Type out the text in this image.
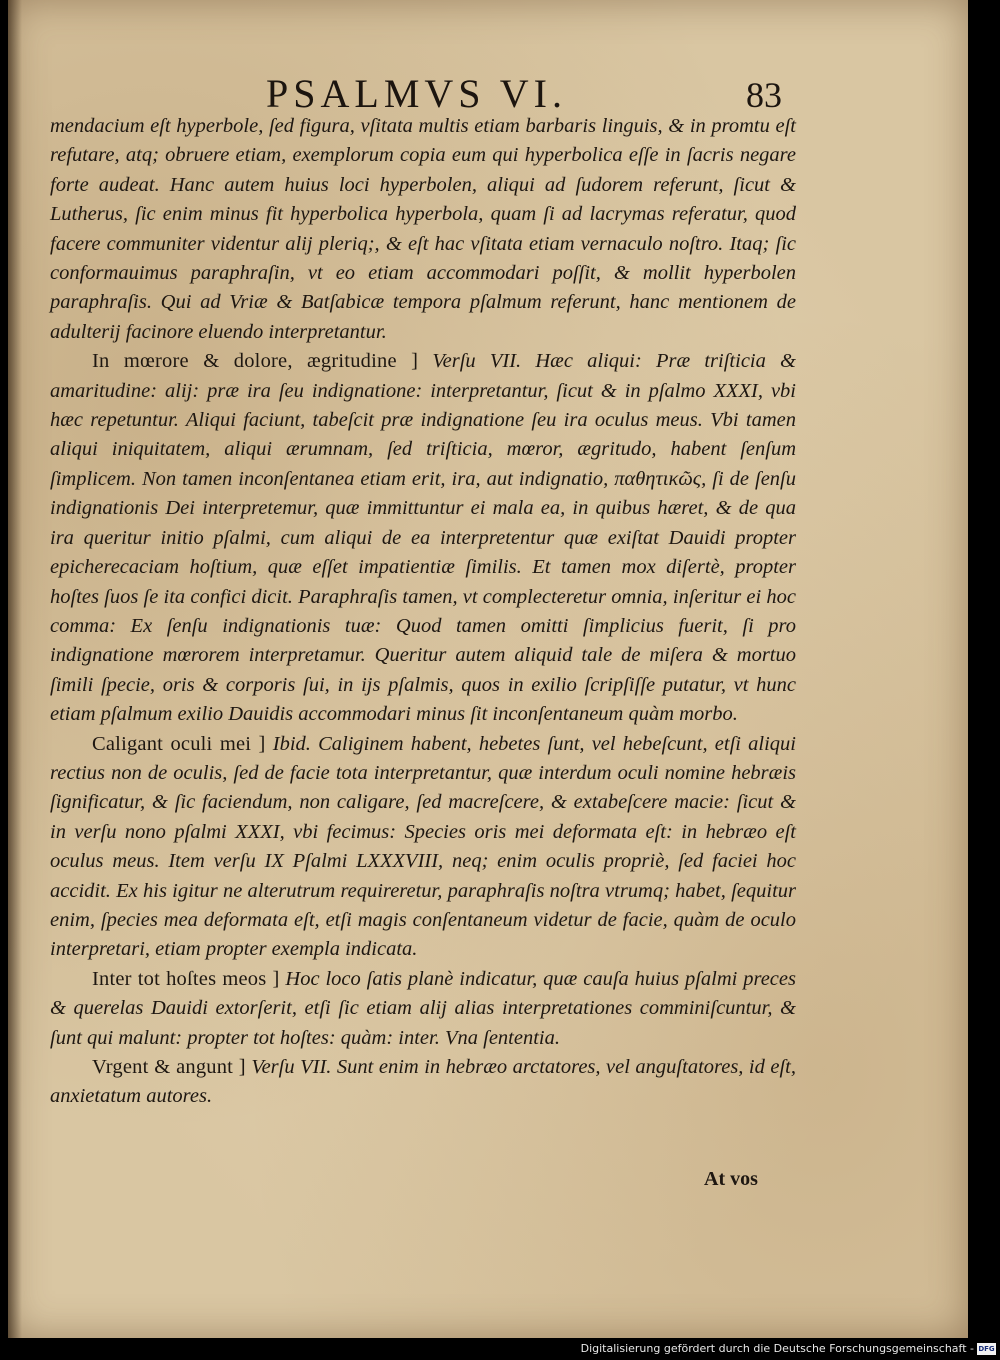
PSALMVS VI.	83

mendacium eſt hyperbole, ſed figura, vſitata multis etiam barbaris linguis, & in promtu eſt refutare, atq; obruere etiam, exemplorum copia eum qui hyperbolica eſſe in ſacris negare forte audeat. Hanc autem huius loci hyperbolen, aliqui ad ſudorem referunt, ſicut & Lutherus, ſic enim minus fit hyperbolica hyperbola, quam ſi ad lacrymas referatur, quod facere communiter videntur alij pleriq;, & eſt hac vſitata etiam vernaculo noſtro. Itaq; ſic conformauimus paraphraſin, vt eo etiam accommodari poſſit, & mollit hyperbolen paraphraſis. Qui ad Vriæ & Batſabicæ tempora pſalmum referunt, hanc mentionem de adulterij facinore eluendo interpretantur.

In mœrore & dolore, ægritudine ] Verſu VII. Hæc aliqui: Præ triſticia & amaritudine: alij: præ ira ſeu indignatione: interpretantur, ſicut & in pſalmo XXXI, vbi hæc repetuntur. Aliqui faciunt, tabeſcit præ indignatione ſeu ira oculus meus. Vbi tamen aliqui iniquitatem, aliqui ærumnam, ſed triſticia, mœror, ægritudo, habent ſenſum ſimplicem. Non tamen inconſentanea etiam erit, ira, aut indignatio, παθητικῶς, ſi de ſenſu indignationis Dei interpretemur, quæ immittuntur ei mala ea, in quibus hæret, & de qua ira queritur initio pſalmi, cum aliqui de ea interpretentur quæ exiſtat Dauidi propter epicherecaciam hoſtium, quæ eſſet impatientiæ ſimilis. Et tamen mox diſertè, propter hoſtes ſuos ſe ita confici dicit. Paraphraſis tamen, vt complecteretur omnia, inſeritur ei hoc comma: Ex ſenſu indignationis tuæ: Quod tamen omitti ſimplicius fuerit, ſi pro indignatione mœrorem interpretamur. Queritur autem aliquid tale de miſera & mortuo ſimili ſpecie, oris & corporis ſui, in ijs pſalmis, quos in exilio ſcripſiſſe putatur, vt hunc etiam pſalmum exilio Dauidis accommodari minus ſit inconſentaneum quàm morbo.

Caligant oculi mei ] Ibid. Caliginem habent, hebetes ſunt, vel hebeſcunt, etſi aliqui rectius non de oculis, ſed de facie tota interpretantur, quæ interdum oculi nomine hebræis ſignificatur, & ſic faciendum, non caligare, ſed macreſcere, & extabeſcere macie: ſicut & in verſu nono pſalmi XXXI, vbi fecimus: Species oris mei deformata eſt: in hebræo eſt oculus meus. Item verſu IX Pſalmi LXXXVIII, neq; enim oculis propriè, ſed faciei hoc accidit. Ex his igitur ne alterutrum requireretur, paraphraſis noſtra vtrumq; habet, ſequitur enim, ſpecies mea deformata eſt, etſi magis conſentaneum videtur de facie, quàm de oculo interpretari, etiam propter exempla indicata.

Inter tot hoſtes meos ] Hoc loco ſatis planè indicatur, quæ cauſa huius pſalmi preces & querelas Dauidi extorſerit, etſi ſic etiam alij alias interpretationes comminiſcuntur, & ſunt qui malunt: propter tot hoſtes: quàm: inter. Vna ſententia.

Vrgent & angunt ] Verſu VII. Sunt enim in hebræo arctatores, vel anguſtatores, id eſt, anxietatum autores.

At vos
Digitalisierung gefördert durch die Deutsche Forschungsgemeinschaft - DFG
